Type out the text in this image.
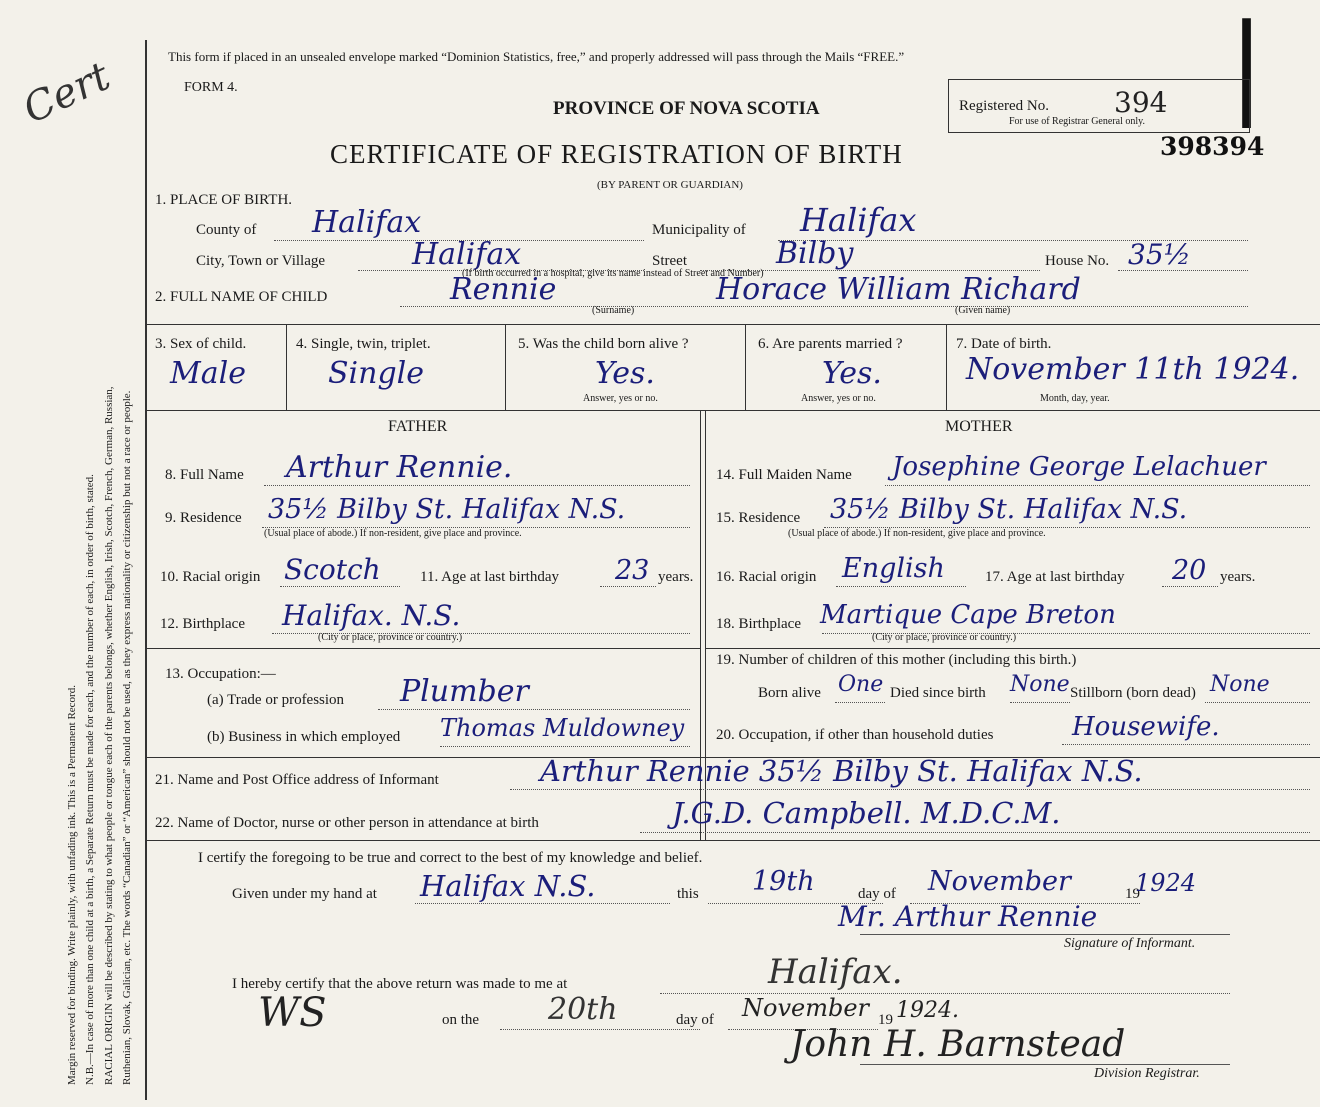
Margin reserved for binding. Write plainly, with unfading ink. This is a Permanent Record. N.B.—In case of more than one child at a birth, a Separate Return must be made for each, and the number of each, in order of birth, stated. RACIAL ORIGIN will be described by stating to what people or tongue each of the parents belongs, whether English, Irish, Scotch, French, German, Russian, Ruthenian, Slovak, Galician, etc. The words “Canadian” or “American” should not be used, as they express nationality or citizenship but not a race or people.
Cert	|
This form if placed in an unsealed envelope marked “Dominion Statistics, free,” and properly addressed will pass through the Mails “FREE.”
FORM 4.
PROVINCE OF NOVA SCOTIA
CERTIFICATE OF REGISTRATION OF BIRTH
(BY PARENT OR GUARDIAN)
Registered No. 394
For use of Registrar General only.
398394
1. PLACE OF BIRTH.
County of Halifax	Municipality of Halifax
City, Town or Village	Halifax	Street	Bilby	House No. 35½
(If birth occurred in a hospital, give its name instead of Street and Number)
2. FULL NAME OF CHILD	Rennie
(Surname)
Horace William Richard
(Given name)
3. Sex of child.
Male
4. Single, twin, triplet.
Single
5. Was the child born alive ?
Yes.
Answer, yes or no.
6. Are parents married ?
Yes.
Answer, yes or no.
7. Date of birth.
November 11th 1924.
Month, day, year.
FATHER	MOTHER
8. Full Name Arthur Rennie.	14. Full Maiden Name Josephine George Lelachuer
9. Residence 35½ Bilby St. Halifax N.S.
(Usual place of abode.) If non-resident, give place and province.
15. Residence 35½ Bilby St. Halifax N.S.
(Usual place of abode.) If non-resident, give place and province.
10. Racial origin Scotch	11. Age at last birthday 23 years. 16. Racial origin English	17. Age at last birthday 20 years.
12. Birthplace Halifax. N.S.
(City or place, province or country.)
18. Birthplace Martique Cape Breton
(City or place, province or country.)
13. Occupation:—
(a) Trade or profession Plumber
(b) Business in which employed Thomas Muldowney
19. Number of children of this mother (including this birth.)
Born alive One Died since birth None Stillborn (born dead) None
20. Occupation, if other than household duties	Housewife.
21. Name and Post Office address of Informant	Arthur Rennie 35½ Bilby St. Halifax N.S.
22. Name of Doctor, nurse or other person in attendance at birth	J.G.D. Campbell. M.D.C.M.
I certify the foregoing to be true and correct to the best of my knowledge and belief.
Given under my hand at Halifax N.S.	this 19th	day of November	19
1924
Mr. Arthur Rennie
Signature of Informant.
I hereby certify that the above return was made to me at	Halifax.
WS	on the 20th	day of November 19 1924.
John H. Barnstead
Division Registrar.
